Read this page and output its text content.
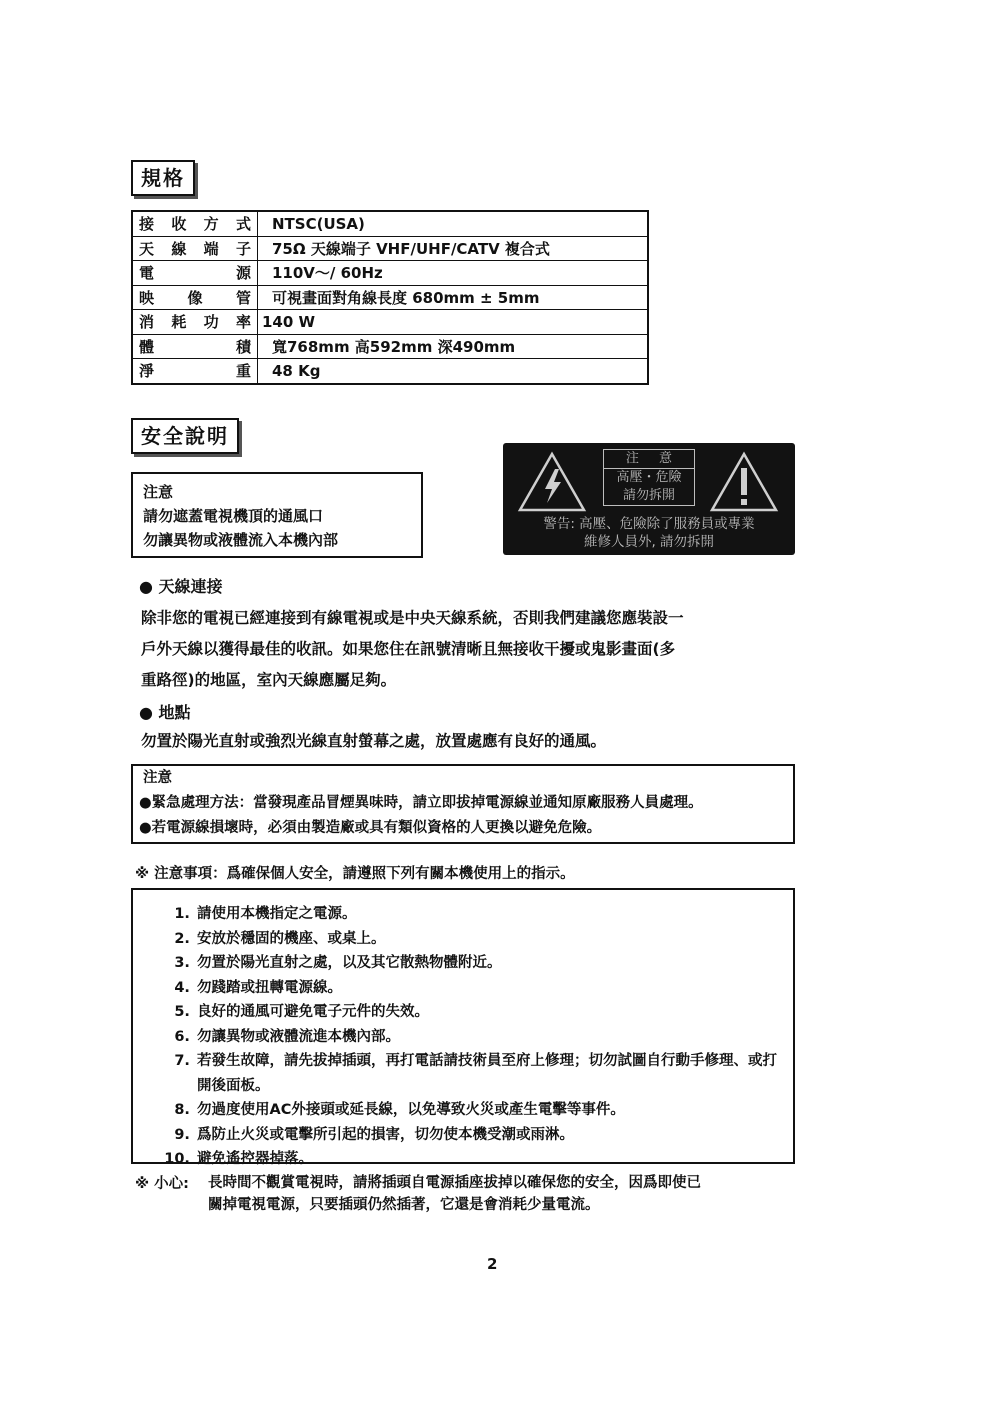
規格
接收方式	NTSC(USA)
天線端子	75Ω 天線端子 VHF/UHF/CATV 複合式
電 源	110V～/ 60Hz
映像管	可視畫面對角線長度 680mm ± 5mm
消耗功率	140 W
體 積	寬768mm 高592mm 深490mm
淨 重	48 Kg
安全說明
注意
請勿遮蓋電視機頂的通風口
勿讓異物或液體流入本機內部
注 意
高壓・危險
請勿拆開
警告: 高壓、危險除了服務員或專業
維修人員外, 請勿拆開
● 天線連接
除非您的電視已經連接到有線電視或是中央天線系統，否則我們建議您應裝設一
戶外天線以獲得最佳的收訊。如果您住在訊號清晰且無接收干擾或鬼影畫面(多
重路徑)的地區，室內天線應屬足夠。
● 地點
勿置於陽光直射或強烈光線直射螢幕之處，放置處應有良好的通風。
注意
●緊急處理方法：當發現產品冒煙異味時，請立即拔掉電源線並通知原廠服務人員處理。
●若電源線損壞時，必須由製造廠或具有類似資格的人更換以避免危險。
※ 注意事項：爲確保個人安全，請遵照下列有關本機使用上的指示。
1. 請使用本機指定之電源。
2. 安放於穩固的機座、或桌上。
3. 勿置於陽光直射之處，以及其它散熱物體附近。
4. 勿踐踏或扭轉電源線。
5. 良好的通風可避免電子元件的失效。
6. 勿讓異物或液體流進本機內部。
7. 若發生故障，請先拔掉插頭，再打電話請技術員至府上修理；切勿試圖自行動手修理、或打開後面板。
8. 勿過度使用AC外接頭或延長線，以免導致火災或產生電擊等事件。
9. 爲防止火災或電擊所引起的損害，切勿使本機受潮或雨淋。
10. 避免遙控器掉落。
※ 小心: 長時間不觀賞電視時，請將插頭自電源插座拔掉以確保您的安全，因爲即使已
關掉電視電源，只要插頭仍然插著，它還是會消耗少量電流。
2
